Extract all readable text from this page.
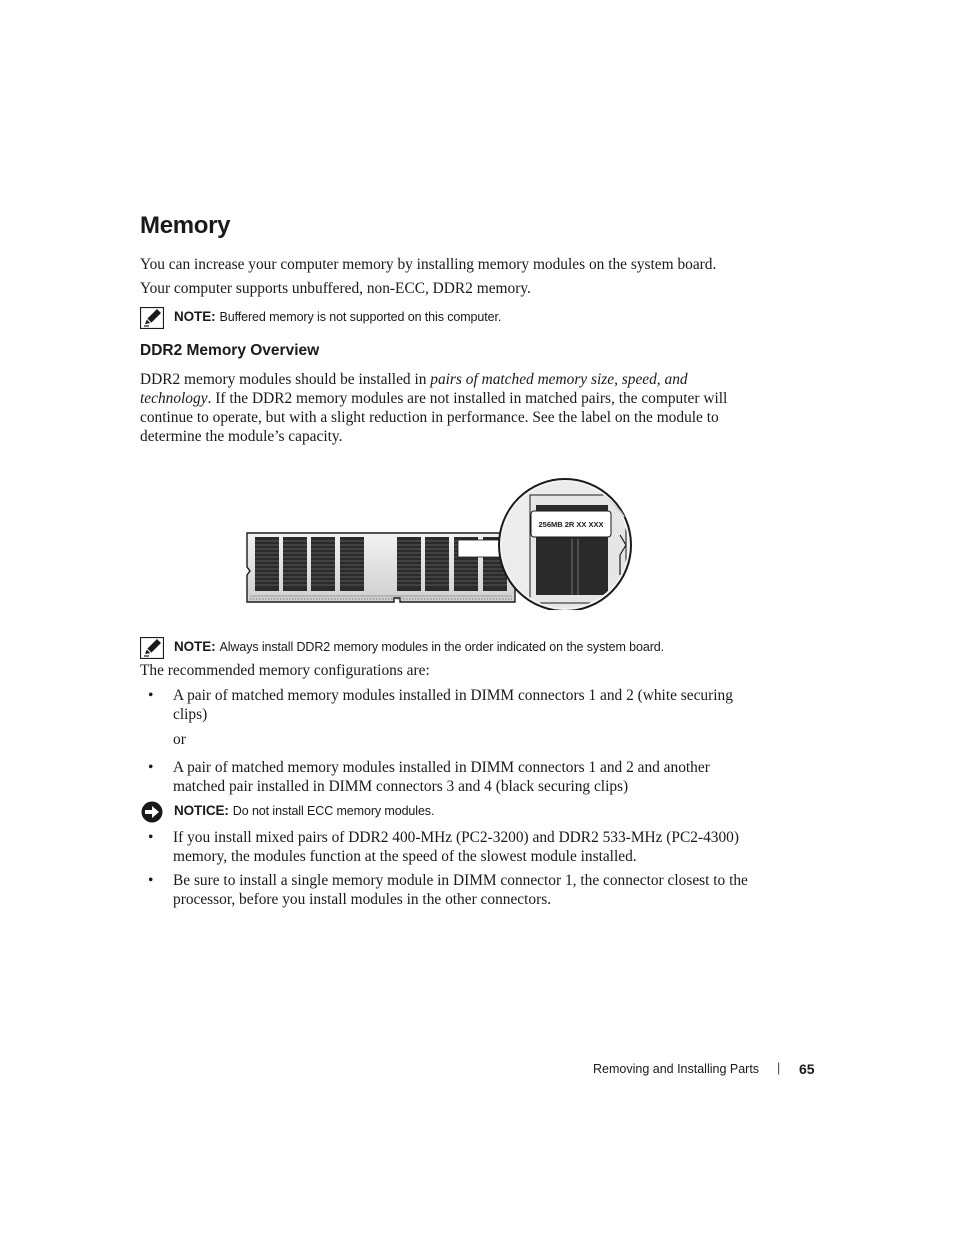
Memory
You can increase your computer memory by installing memory modules on the system board.
Your computer supports unbuffered, non-ECC, DDR2 memory.
NOTE: Buffered memory is not supported on this computer.
DDR2 Memory Overview
DDR2 memory modules should be installed in pairs of matched memory size, speed, and technology. If the DDR2 memory modules are not installed in matched pairs, the computer will continue to operate, but with a slight reduction in performance. See the label on the module to determine the module’s capacity.
256MB 2R XX XXX
NOTE: Always install DDR2 memory modules in the order indicated on the system board.
The recommended memory configurations are:
• A pair of matched memory modules installed in DIMM connectors 1 and 2 (white securing clips)
or
• A pair of matched memory modules installed in DIMM connectors 1 and 2 and another matched pair installed in DIMM connectors 3 and 4 (black securing clips)
NOTICE: Do not install ECC memory modules.
• If you install mixed pairs of DDR2 400-MHz (PC2-3200) and DDR2 533-MHz (PC2-4300) memory, the modules function at the speed of the slowest module installed.
• Be sure to install a single memory module in DIMM connector 1, the connector closest to the processor, before you install modules in the other connectors.
Removing and Installing Parts | 65
